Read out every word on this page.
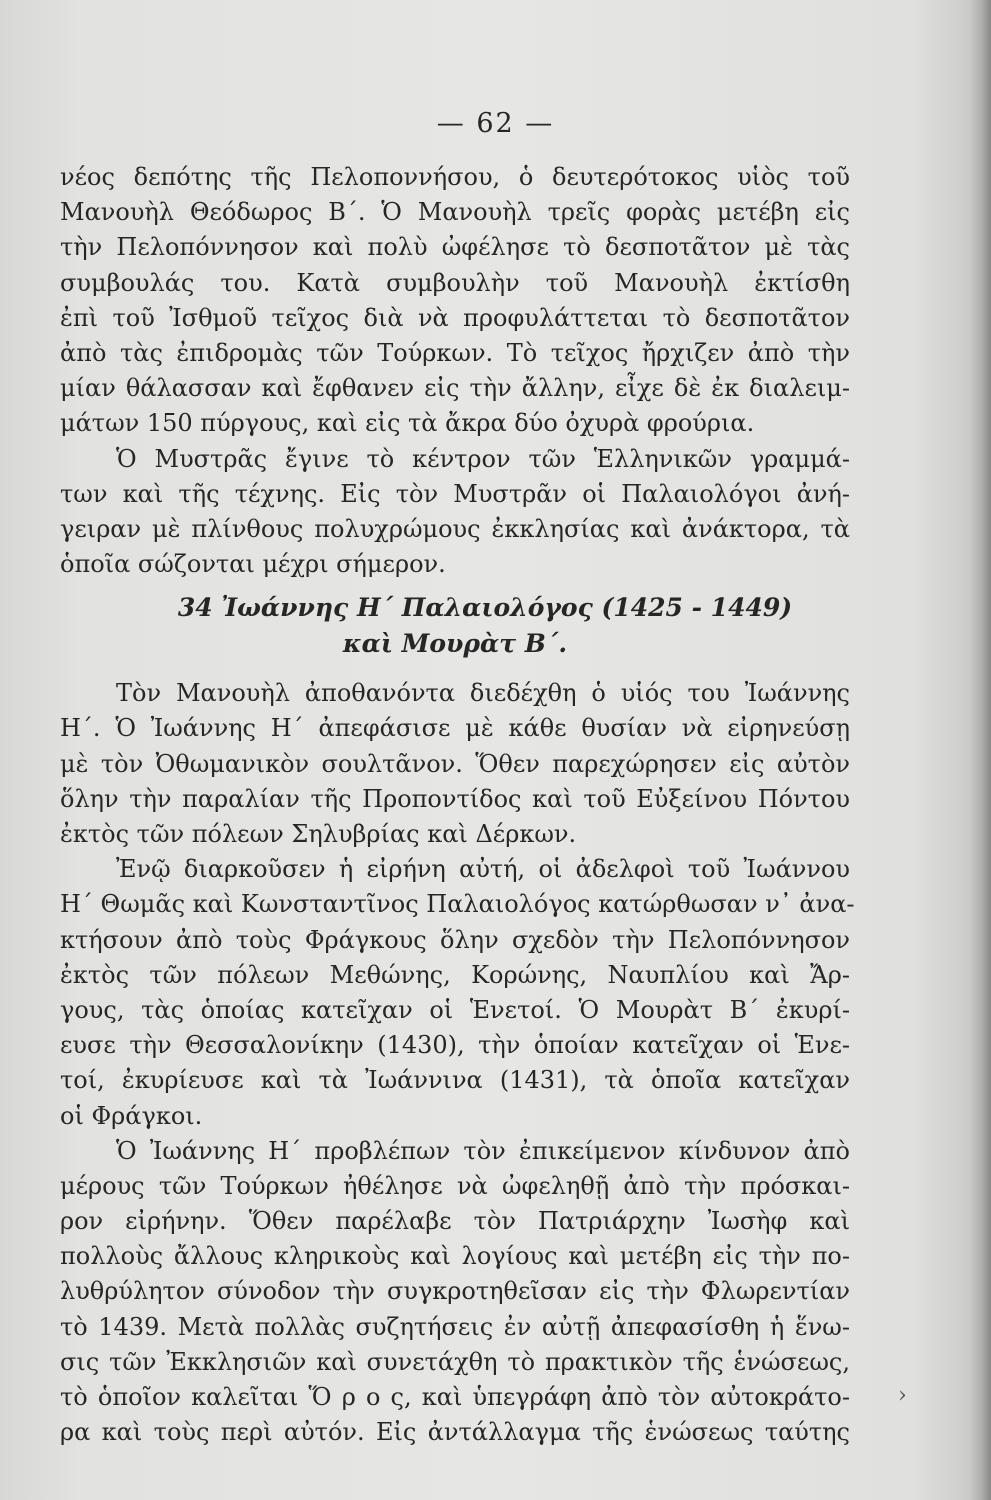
— 62 —
νέος δεπότης τῆς Πελοποννήσου, ὁ δευτερότοκος υἱὸς τοῦ
Μανουὴλ Θεόδωρος Β΄. Ὁ Μανουὴλ τρεῖς φορὰς μετέβη εἰς
τὴν Πελοπόννησον καὶ πολὺ ὠφέλησε τὸ δεσποτᾶτον μὲ τὰς
συμβουλάς του. Κατὰ συμβουλὴν τοῦ Μανουὴλ ἐκτίσθη
ἐπὶ τοῦ Ἰσθμοῦ τεῖχος διὰ νὰ προφυλάττεται τὸ δεσποτᾶτον
ἀπὸ τὰς ἐπιδρομὰς τῶν Τούρκων. Τὸ τεῖχος ἤρχιζεν ἀπὸ τὴν
μίαν θάλασσαν καὶ ἔφθανεν εἰς τὴν ἄλλην, εἶχε δὲ ἐκ διαλειμ-
μάτων 150 πύργους, καὶ εἰς τὰ ἄκρα δύο ὀχυρὰ φρούρια.
Ὁ Μυστρᾶς ἔγινε τὸ κέντρον τῶν Ἑλληνικῶν γραμμά-
των καὶ τῆς τέχνης. Εἰς τὸν Μυστρᾶν οἱ Παλαιολόγοι ἀνή-
γειραν μὲ πλίνθους πολυχρώμους ἐκκλησίας καὶ ἀνάκτορα, τὰ
ὁποῖα σώζονται μέχρι σήμερον.
34 Ἰωάννης Η΄ Παλαιολόγος (1425 - 1449)
καὶ Μουρὰτ Β΄.
Τὸν Μανουὴλ ἀποθανόντα διεδέχθη ὁ υἱός του Ἰωάννης
Η΄. Ὁ Ἰωάννης Η΄ ἀπεφάσισε μὲ κάθε θυσίαν νὰ εἰρηνεύσῃ
μὲ τὸν Ὀθωμανικὸν σουλτᾶνον. Ὅθεν παρεχώρησεν εἰς αὐτὸν
ὅλην τὴν παραλίαν τῆς Προποντίδος καὶ τοῦ Εὐξείνου Πόντου
ἐκτὸς τῶν πόλεων Σηλυβρίας καὶ Δέρκων.
Ἐνῷ διαρκοῦσεν ἡ εἰρήνη αὐτή, οἱ ἀδελφοὶ τοῦ Ἰωάννου
Η΄ Θωμᾶς καὶ Κωνσταντῖνος Παλαιολόγος κατώρθωσαν ν᾿ ἀνα-
κτήσουν ἀπὸ τοὺς Φράγκους ὅλην σχεδὸν τὴν Πελοπόννησον
ἐκτὸς τῶν πόλεων Μεθώνης, Κορώνης, Ναυπλίου καὶ Ἄρ-
γους, τὰς ὁποίας κατεῖχαν οἱ Ἑνετοί. Ὁ Μουρὰτ Β΄ ἐκυρί-
ευσε τὴν Θεσσαλονίκην (1430), τὴν ὁποίαν κατεῖχαν οἱ Ἑνε-
τοί, ἐκυρίευσε καὶ τὰ Ἰωάννινα (1431), τὰ ὁποῖα κατεῖχαν
οἱ Φράγκοι.
Ὁ Ἰωάννης Η΄ προβλέπων τὸν ἐπικείμενον κίνδυνον ἀπὸ
μέρους τῶν Τούρκων ἠθέλησε νὰ ὠφεληθῇ ἀπὸ τὴν πρόσκαι-
ρον εἰρήνην. Ὅθεν παρέλαβε τὸν Πατριάρχην Ἰωσὴφ καὶ
πολλοὺς ἄλλους κληρικοὺς καὶ λογίους καὶ μετέβη εἰς τὴν πο-
λυθρύλητον σύνοδον τὴν συγκροτηθεῖσαν εἰς τὴν Φλωρεντίαν
τὸ 1439. Μετὰ πολλὰς συζητήσεις ἐν αὐτῇ ἀπεφασίσθη ἡ ἕνω-
σις τῶν Ἐκκλησιῶν καὶ συνετάχθη τὸ πρακτικὸν τῆς ἑνώσεως,
τὸ ὁποῖον καλεῖται Ὅ ρ ο ς, καὶ ὑπεγράφη ἀπὸ τὸν αὐτοκράτο-
ρα καὶ τοὺς περὶ αὐτόν. Εἰς ἀντάλλαγμα τῆς ἑνώσεως ταύτης
›
